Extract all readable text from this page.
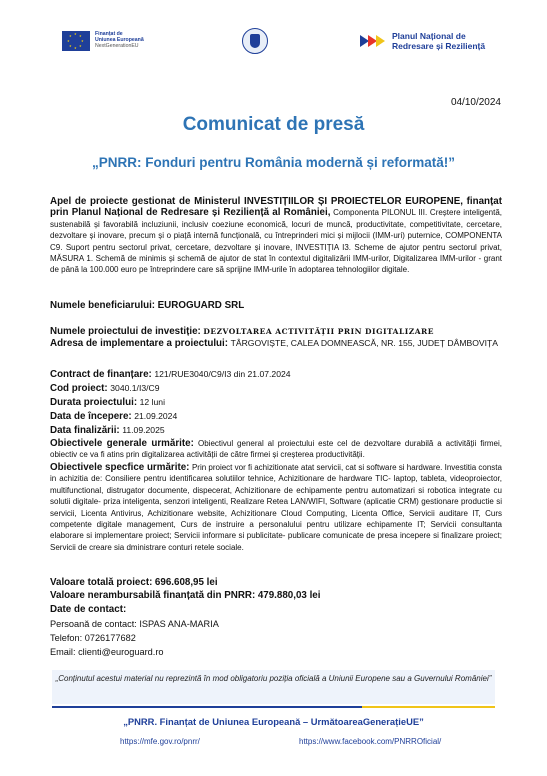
★ ★
★
★
★
★
★
★	Finanțat de
Uniunea Europeană
NextGenerationEU
Planul Național de
Redresare și Reziliență
04/10/2024
Comunicat de presă
„PNRR: Fonduri pentru România modernă și reformată!”
Apel de proiecte gestionat de Ministerul INVESTIȚIILOR ȘI PROIECTELOR EUROPENE, finanțat prin Planul Național de Redresare și Reziliență al României, Componenta PILONUL III. Creștere inteligentă, sustenabilă și favorabilă incluziunii, inclusiv coeziune economică, locuri de muncă, productivitate, competitivitate, cercetare, dezvoltare și inovare, precum și o piață internă funcțională, cu întreprinderi mici și mijlocii (IMM-uri) puternice, COMPONENTA C9. Suport pentru sectorul privat, cercetare, dezvoltare și inovare, INVESTIȚIA I3. Scheme de ajutor pentru sectorul privat, MĂSURA 1. Schemă de minimis și schemă de ajutor de stat în contextul digitalizării IMM-urilor, Digitalizarea IMM-urilor - grant de până la 100.000 euro pe întreprindere care să sprijine IMM-urile în adoptarea tehnologiilor digitale.
Numele beneficiarului: EUROGUARD SRL
Numele proiectului de investiție: DEZVOLTAREA ACTIVITĂȚII PRIN DIGITALIZARE
Adresa de implementare a proiectului: TÂRGOVIȘTE, CALEA DOMNEASCĂ, NR. 155, JUDEȚ DÂMBOVIȚA
Contract de finanțare: 121/RUE3040/C9/I3 din 21.07.2024
Cod proiect: 3040.1/I3/C9
Durata proiectului: 12 luni
Data de începere: 21.09.2024
Data finalizării: 11.09.2025
Obiectivele generale urmărite: Obiectivul general al proiectului este cel de dezvoltare durabilă a activității firmei, obiectiv ce va fi atins prin digitalizarea activității de către firmei și creșterea productivității.
Obiectivele specfice urmărite: Prin proiect vor fi achizitionate atat servicii, cat si software si hardware. Investitia consta in achizitia de: Consiliere pentru identificarea solutiilor tehnice, Achizitionare de hardware TIC- laptop, tableta, videoproiector, multifunctional, distrugator documente, dispecerat, Achizitionare de echipamente pentru automatizari si robotica integrate cu solutii digitale- priza inteligenta, senzori inteligenti, Realizare Retea LAN/WIFI, Software (aplicatie CRM) gestionare productie si servicii, Licenta Antivirus, Achizitionare website, Achizitionare Cloud Computing, Licenta Office, Servicii auditare IT, Curs competente digitale management, Curs de instruire a personalului pentru utilizare echipamente IT; Servicii consultanta elaborare si implementare proiect; Servicii informare si publicitate- publicare comunicate de presa incepere si finalizare proiect; Servicii de creare sia dministrare conturi retele sociale.
Valoare totală proiect: 696.608,95 lei
Valoare nerambursabilă finanțată din PNRR: 479.880,03 lei
Date de contact:
Persoană de contact: ISPAS ANA-MARIA
Telefon: 0726177682
Email: clienti@euroguard.ro
„Conținutul acestui material nu reprezintă în mod obligatoriu poziția oficială a Uniunii Europene sau a Guvernului României”
„PNRR. Finanțat de Uniunea Europeană – UrmătoareaGenerațieUE”
https://mfe.gov.ro/pnrr/	https://www.facebook.com/PNRROficial/
